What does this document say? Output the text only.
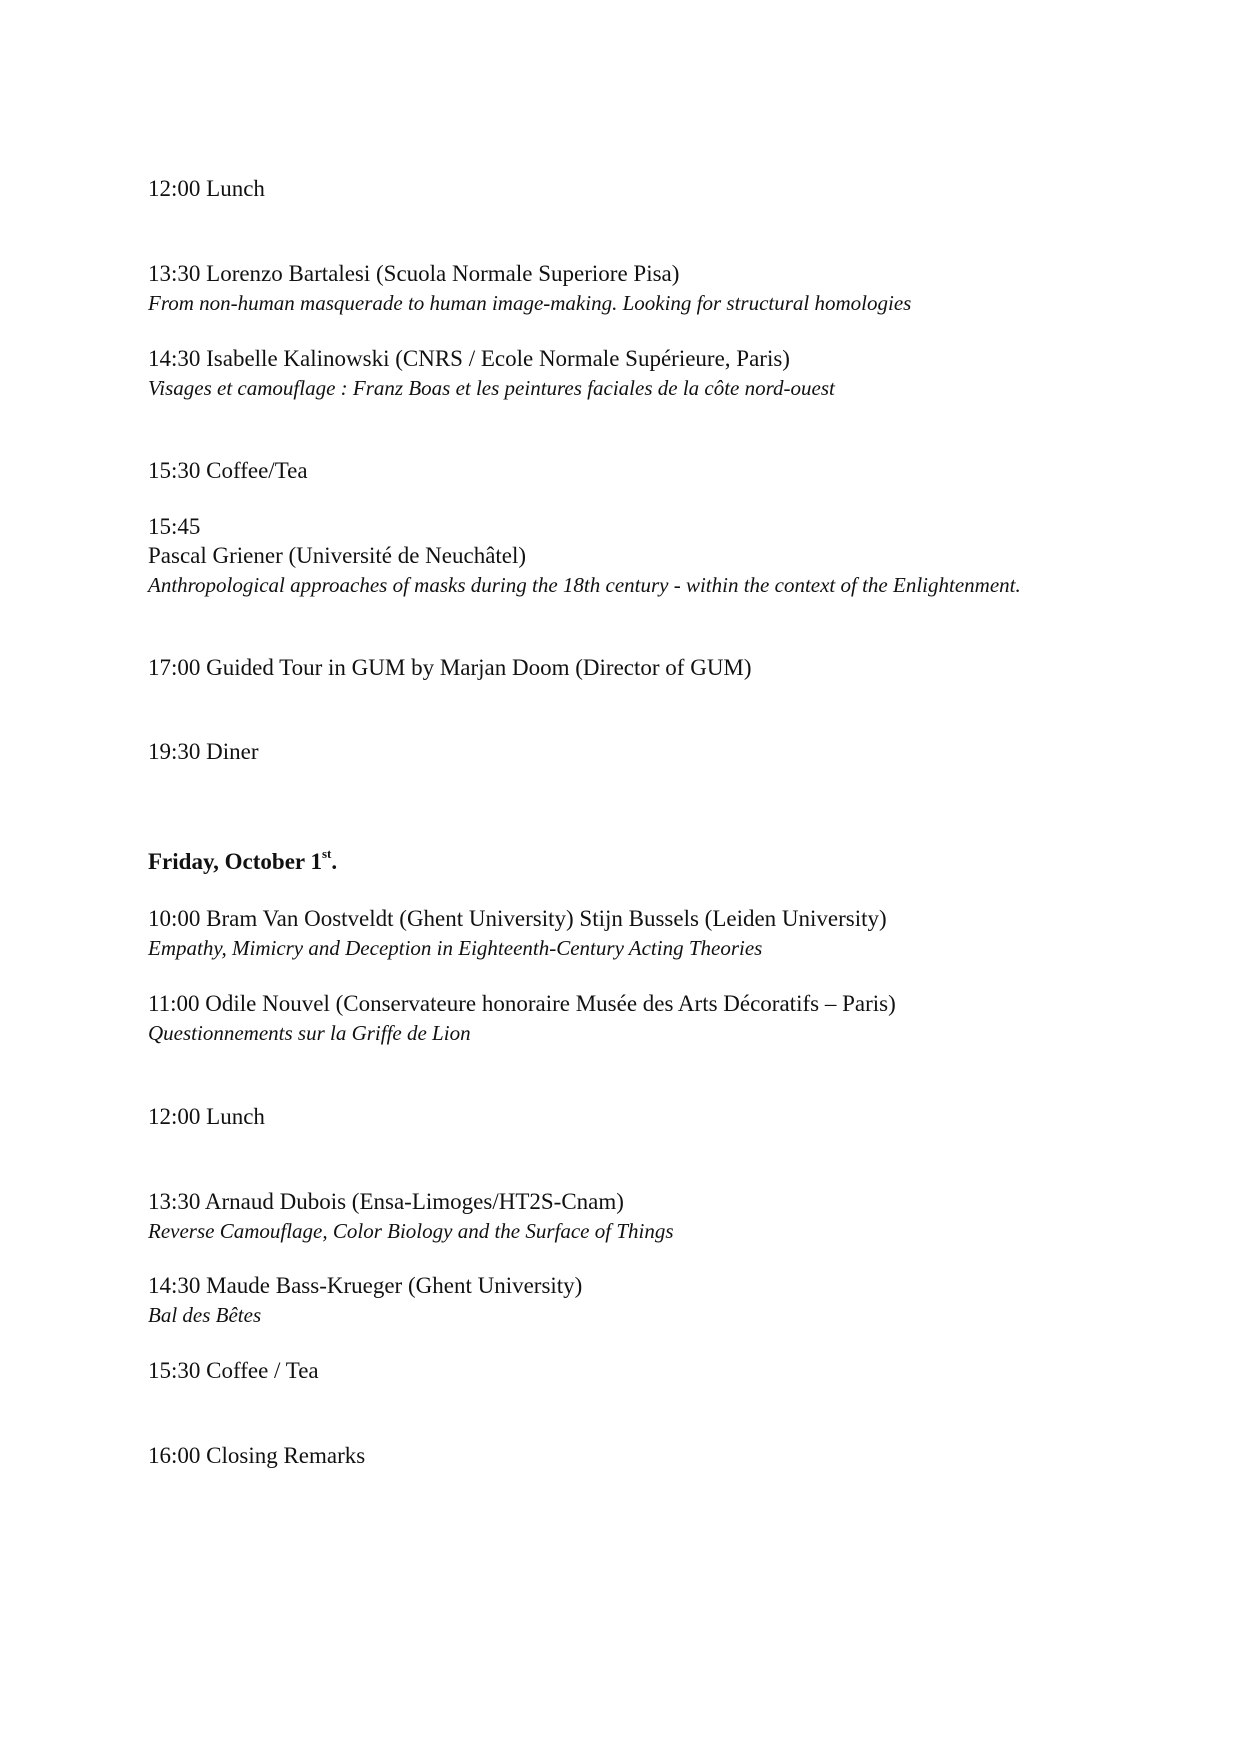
12:00 Lunch
13:30 Lorenzo Bartalesi (Scuola Normale Superiore Pisa)
From non-human masquerade to human image-making. Looking for structural homologies
14:30 Isabelle Kalinowski (CNRS / Ecole Normale Supérieure, Paris)
Visages et camouflage : Franz Boas et les peintures faciales de la côte nord-ouest
15:30 Coffee/Tea
15:45
Pascal Griener (Université de Neuchâtel)
Anthropological approaches of masks during the 18th century - within the context of the Enlightenment.
17:00 Guided Tour in GUM by Marjan Doom (Director of GUM)
19:30 Diner
Friday, October 1st.
10:00 Bram Van Oostveldt (Ghent University) Stijn Bussels (Leiden University)
Empathy, Mimicry and Deception in Eighteenth-Century Acting Theories
11:00 Odile Nouvel (Conservateure honoraire Musée des Arts Décoratifs – Paris)
Questionnements sur la Griffe de Lion
12:00 Lunch
13:30 Arnaud Dubois (Ensa-Limoges/HT2S-Cnam)
Reverse Camouflage, Color Biology and the Surface of Things
14:30 Maude Bass-Krueger (Ghent University)
Bal des Bêtes
15:30 Coffee / Tea
16:00 Closing Remarks
